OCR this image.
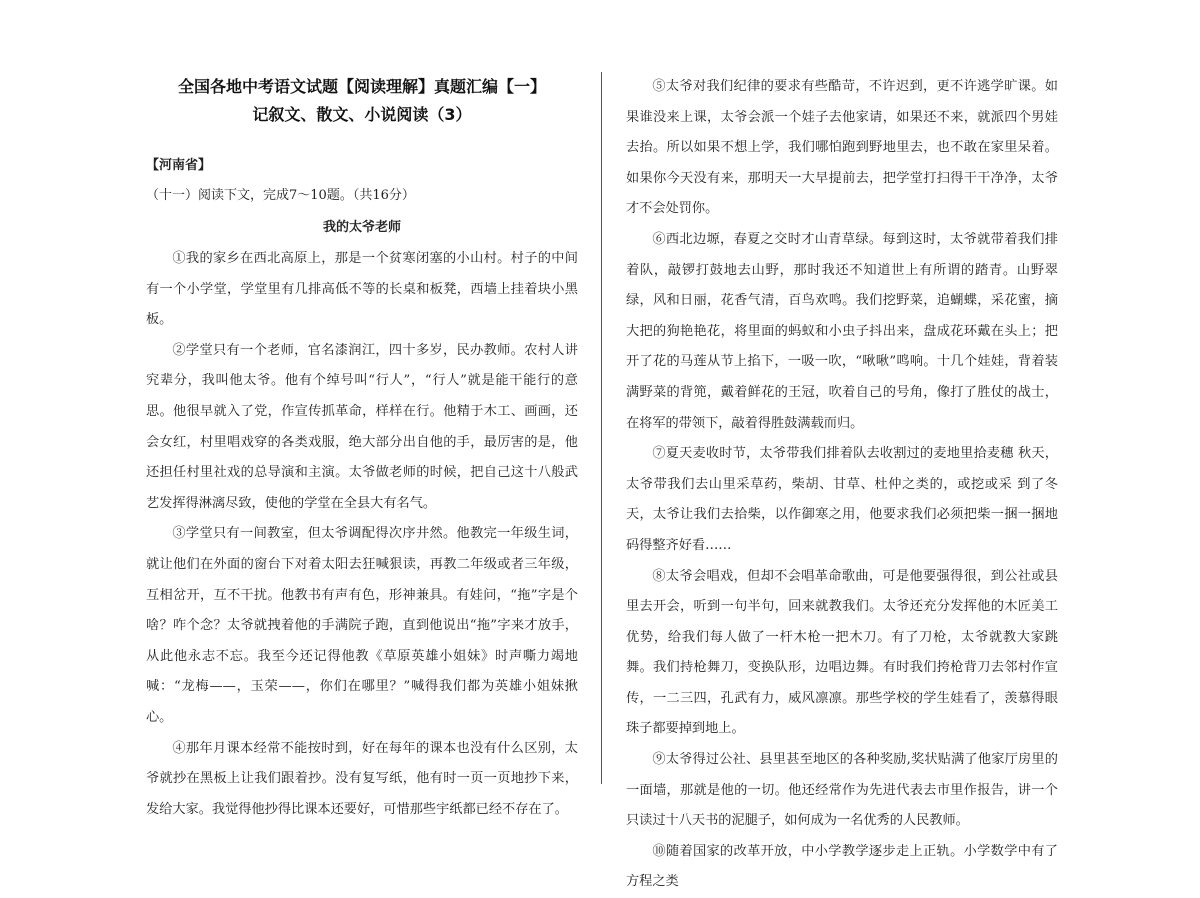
全国各地中考语文试题【阅读理解】真题汇编【一】
记叙文、散文、小说阅读（3）
【河南省】
（十一）阅读下文，完成7～10题。（共16分）
我的太爷老师

①我的家乡在西北高原上，那是一个贫寒闭塞的小山村。村子的中间有一个小学堂，学堂里有几排高低不等的长桌和板凳，西墙上挂着块小黑板。

②学堂只有一个老师，官名漆润江，四十多岁，民办教师。农村人讲究辈分，我叫他太爷。他有个绰号叫“行人”，“行人”就是能干能行的意思。他很早就入了党，作宣传抓革命，样样在行。他精于木工、画画，还会女红，村里唱戏穿的各类戏服，绝大部分出自他的手，最厉害的是，他还担任村里社戏的总导演和主演。太爷做老师的时候，把自己这十八般武艺发挥得淋漓尽致，使他的学堂在全县大有名气。

③学堂只有一间教室，但太爷调配得次序井然。他教完一年级生词，就让他们在外面的窗台下对着太阳去狂喊狠读，再教二年级或者三年级，互相岔开，互不干扰。他教书有声有色，形神兼具。有娃问，“拖”字是个啥？咋个念？太爷就拽着他的手满院子跑，直到他说出“拖”字来才放手，从此他永志不忘。我至今还记得他教《草原英雄小姐妹》时声嘶力竭地喊：“龙梅——，玉荣——，你们在哪里？”喊得我们都为英雄小姐妹揪心。

④那年月课本经常不能按时到，好在每年的课本也没有什么区别，太爷就抄在黑板上让我们跟着抄。没有复写纸，他有时一页一页地抄下来，发给大家。我觉得他抄得比课本还要好，可惜那些宇纸都已经不存在了。

⑤太爷对我们纪律的要求有些酷苛，不许迟到，更不许逃学旷课。如果谁没来上课，太爷会派一个娃子去他家请，如果还不来，就派四个男娃去抬。所以如果不想上学，我们哪怕跑到野地里去，也不敢在家里呆着。如果你今天没有来，那明天一大早提前去，把学堂打扫得干干净净，太爷才不会处罚你。

⑥西北边塬，春夏之交时才山青草绿。每到这时，太爷就带着我们排着队，敲锣打鼓地去山野，那时我还不知道世上有所谓的踏青。山野翠绿，风和日丽，花香气清，百鸟欢鸣。我们挖野菜，追蝴蝶，采花蜜，摘大把的狗艳艳花，将里面的蚂蚁和小虫子抖出来，盘成花环戴在头上；把开了花的马莲从节上掐下，一吸一吹，“啾啾”鸣响。十几个娃娃，背着装满野菜的背篼，戴着鲜花的王冠，吹着自己的号角，像打了胜仗的战士，在将军的带领下，敲着得胜鼓满载而归。

⑦夏天麦收时节，太爷带我们排着队去收割过的麦地里拾麦穗 秋天，太爷带我们去山里采草药，柴胡、甘草、杜仲之类的，或挖或采 到了冬天，太爷让我们去拾柴，以作御寒之用，他要求我们必须把柴一捆一捆地码得整齐好看……

⑧太爷会唱戏，但却不会唱革命歌曲，可是他要强得很，到公社或县里去开会，听到一句半句，回来就教我们。太爷还充分发挥他的木匠美工优势，给我们每人做了一杆木枪一把木刀。有了刀枪，太爷就教大家跳舞。我们持枪舞刀，变换队形，边唱边舞。有时我们挎枪背刀去邻村作宣传，一二三四，孔武有力，威风凛凛。那些学校的学生娃看了，羡慕得眼珠子都要掉到地上。

⑨太爷得过公社、县里甚至地区的各种奖励,奖状贴满了他家厅房里的一面墙，那就是他的一切。他还经常作为先进代表去市里作报告，讲一个只读过十八天书的泥腿子，如何成为一名优秀的人民教师。

⑩随着国家的改革开放，中小学教学逐步走上正轨。小学数学中有了方程之类
